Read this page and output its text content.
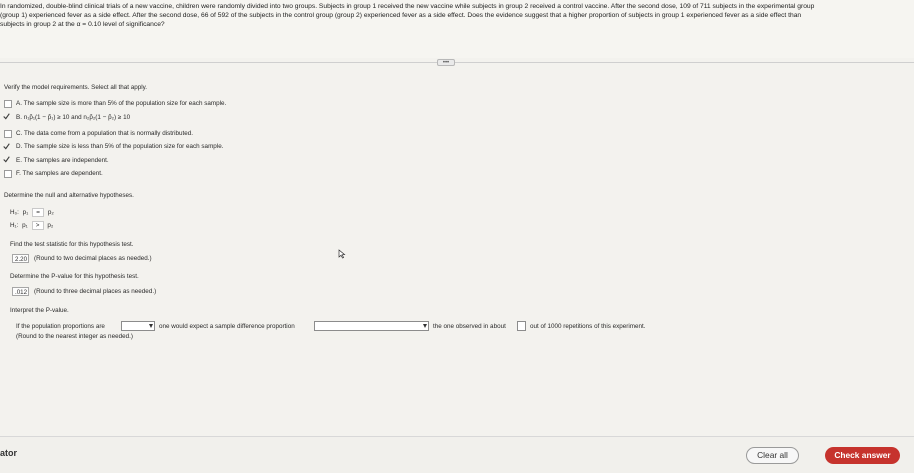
In randomized, double-blind clinical trials of a new vaccine, children were randomly divided into two groups. Subjects in group 1 received the new vaccine while subjects in group 2 received a control vaccine. After the second dose, 109 of 711 subjects in the experimental group

(group 1) experienced fever as a side effect. After the second dose, 66 of 592 of the subjects in the control group (group 2) experienced fever as a side effect. Does the evidence suggest that a higher proportion of subjects in group 1 experienced fever as a side effect than

subjects in group 2 at the α = 0.10 level of significance?

•••
Verify the model requirements. Select all that apply.
A. The sample size is more than 5% of the population size for each sample.
B. n₁p̂₁(1 − p̂₁) ≥ 10 and n₂p̂₂(1 − p̂₂) ≥ 10
C. The data come from a population that is normally distributed.
D. The sample size is less than 5% of the population size for each sample.
E. The samples are independent.
F. The samples are dependent.
Determine the null and alternative hypotheses.
H₀: p₁ = p₂
H₁: p₁ > p₂
Find the test statistic for this hypothesis test.
2.20	(Round to two decimal places as needed.)
Determine the P-value for this hypothesis test.
.012	(Round to three decimal places as needed.)
Interpret the P-value.
If the population proportions are	one would expect a sample difference proportion	the one observed in about	out of 1000 repetitions of this experiment.
(Round to the nearest integer as needed.)
ator	Clear all	Check answer
